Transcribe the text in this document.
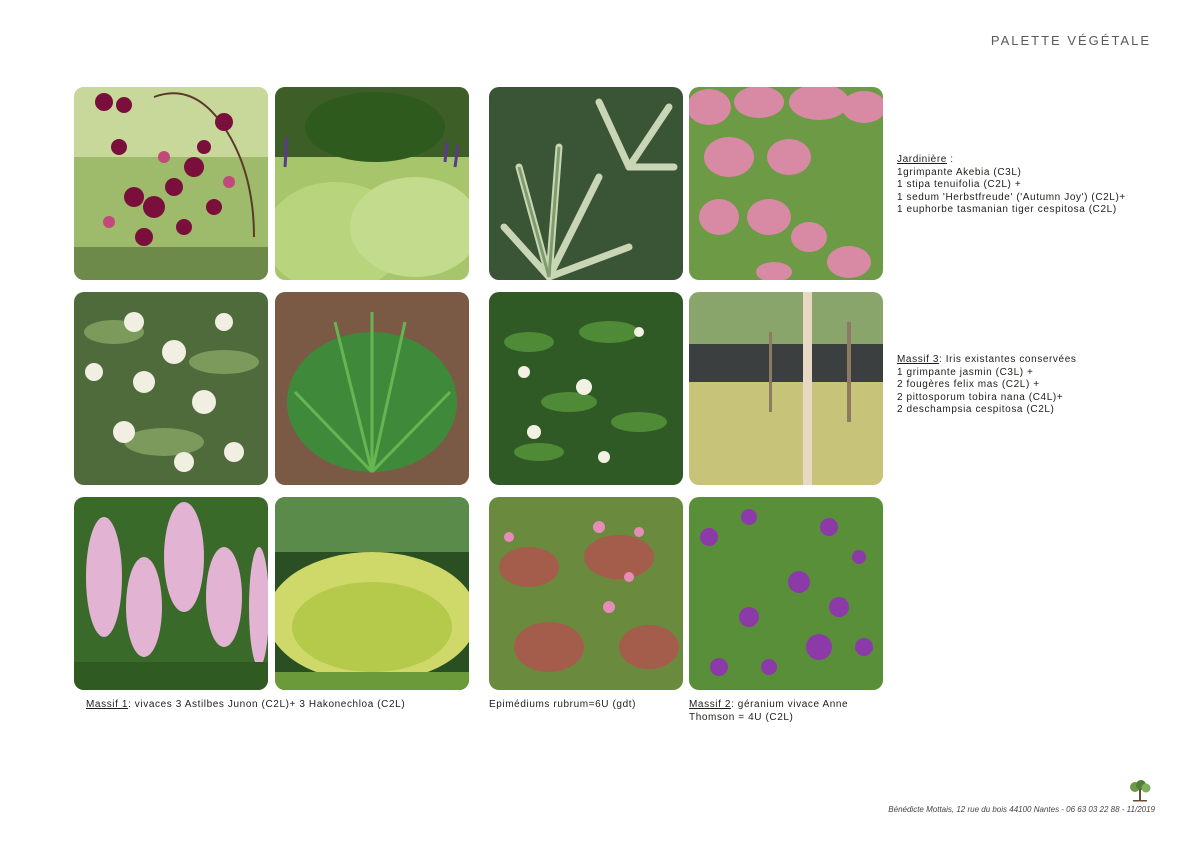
PALETTE VÉGÉTALE
Jardinière :
1grimpante Akebia (C3L)
1 stipa tenuifolia (C2L) +
1 sedum 'Herbstfreude' ('Autumn Joy') (C2L)+
1 euphorbe tasmanian tiger cespitosa (C2L)
Massif 3: Iris existantes conservées
1 grimpante jasmin (C3L) +
2 fougères felix mas (C2L) +
2 pittosporum tobira nana (C4L)+
2 deschampsia cespitosa (C2L)
Massif 1: vivaces 3 Astilbes Junon (C2L)+ 3 Hakonechloa (C2L)	Epimédiums rubrum=6U (gdt)	Massif 2: géranium vivace Anne
Thomson = 4U (C2L)
Bénédicte Mottais, 12 rue du bois 44100 Nantes - 06 63 03 22 88 - 11/2019
